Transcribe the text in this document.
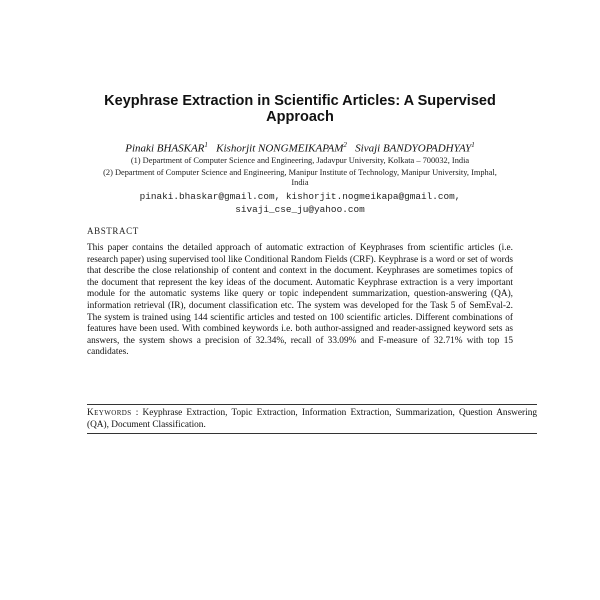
Keyphrase Extraction in Scientific Articles: A Supervised Approach
Pinaki BHASKAR$^1$ Kishorjit NONGMEIKAPAM$^2$ Sivaji BANDYOPADHYAY$^1$
(1) Department of Computer Science and Engineering, Jadavpur University, Kolkata – 700032, India
(2) Department of Computer Science and Engineering, Manipur Institute of Technology, Manipur University, Imphal, India
pinaki.bhaskar@gmail.com, kishorjit.nogmeikapa@gmail.com,
sivaji_cse_ju@yahoo.com
ABSTRACT
This paper contains the detailed approach of automatic extraction of Keyphrases from scientific articles (i.e. research paper) using supervised tool like Conditional Random Fields (CRF). Keyphrase is a word or set of words that describe the close relationship of content and context in the document. Keyphrases are sometimes topics of the document that represent the key ideas of the document. Automatic Keyphrase extraction is a very important module for the automatic systems like query or topic independent summarization, question-answering (QA), information retrieval (IR), document classification etc. The system was developed for the Task 5 of SemEval-2. The system is trained using 144 scientific articles and tested on 100 scientific articles. Different combinations of features have been used. With combined keywords i.e. both author-assigned and reader-assigned keyword sets as answers, the system shows a precision of 32.34%, recall of 33.09% and F-measure of 32.71% with top 15 candidates.
Keywords : Keyphrase Extraction, Topic Extraction, Information Extraction, Summarization, Question Answering (QA), Document Classification.
